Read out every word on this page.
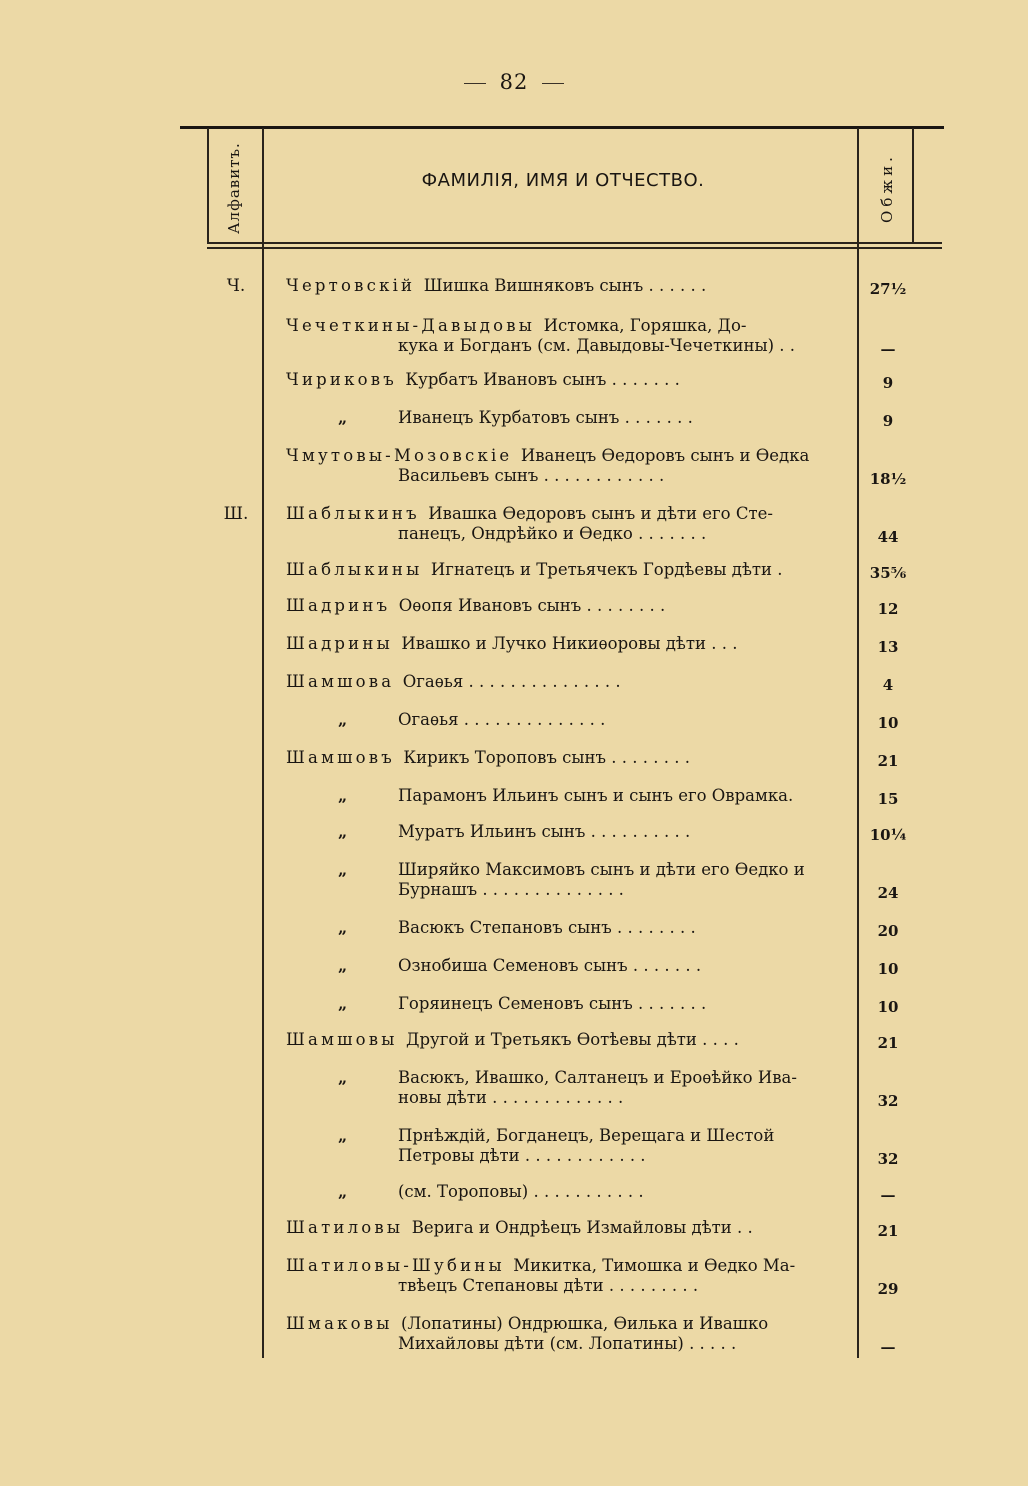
82
Алфавитъ.	ФАМИЛІЯ, ИМЯ И ОТЧЕСТВО.	Обжи.
Ч.	Чертовскій Шишка Вишняковъ сынъ . . . . . .	27½
Чечеткины-Давыдовы Истомка, Горяшка, До-
кука и Богданъ (см. Давыдовы-Чечеткины) . .	—
Чириковъ Курбатъ Ивановъ сынъ . . . . . . .	9
„	Иванецъ Курбатовъ сынъ . . . . . . .	9
Чмутовы-Мозовскіе Иванецъ Ѳедоровъ сынъ и Ѳедка
Васильевъ сынъ . . . . . . . . . . . .	18½
Ш.	Шаблыкинъ Ивашка Ѳедоровъ сынъ и дѣти его Сте-
панецъ, Ондрѣйко и Ѳедко . . . . . . .	44
Шаблыкины Игнатецъ и Третьячекъ Гордѣевы дѣти .	35⅚
Шадринъ Оѳопя Ивановъ сынъ . . . . . . . .	12
Шадрины Ивашко и Лучко Никиѳоровы дѣти . . .	13
Шамшова Огаѳья . . . . . . . . . . . . . . .	4
„	Огаѳья . . . . . . . . . . . . . .	10
Шамшовъ Кирикъ Тороповъ сынъ . . . . . . . .	21
„	Парамонъ Ильинъ сынъ и сынъ его Оврамка.	15
„	Муратъ Ильинъ сынъ . . . . . . . . . .	10¼
„	Ширяйко Максимовъ сынъ и дѣти его Ѳедко и
Бурнашъ . . . . . . . . . . . . . .	24
„	Васюкъ Степановъ сынъ . . . . . . . .	20
„	Ознобиша Семеновъ сынъ . . . . . . .	10
„	Горяинецъ Семеновъ сынъ . . . . . . .	10
Шамшовы Другой и Третьякъ Ѳотѣевы дѣти . . . .	21
„	Васюкъ, Ивашко, Салтанецъ и Ероѳѣйко Ива-
новы дѣти . . . . . . . . . . . . .	32
„	Прнѣждій, Богданецъ, Верещага и Шестой
Петровы дѣти . . . . . . . . . . . .	32
„	(см. Тороповы) . . . . . . . . . . .	—
Шатиловы Веригa и Ондрѣецъ Измайловы дѣти . .	21
Шатиловы-Шубины Микитка, Тимошка и Ѳедко Ма-
твѣецъ Степановы дѣти . . . . . . . . .	29
Шмаковы (Лопатины) Ондрюшка, Ѳилька и Ивашко
Михайловы дѣти (см. Лопатины) . . . . .	—
